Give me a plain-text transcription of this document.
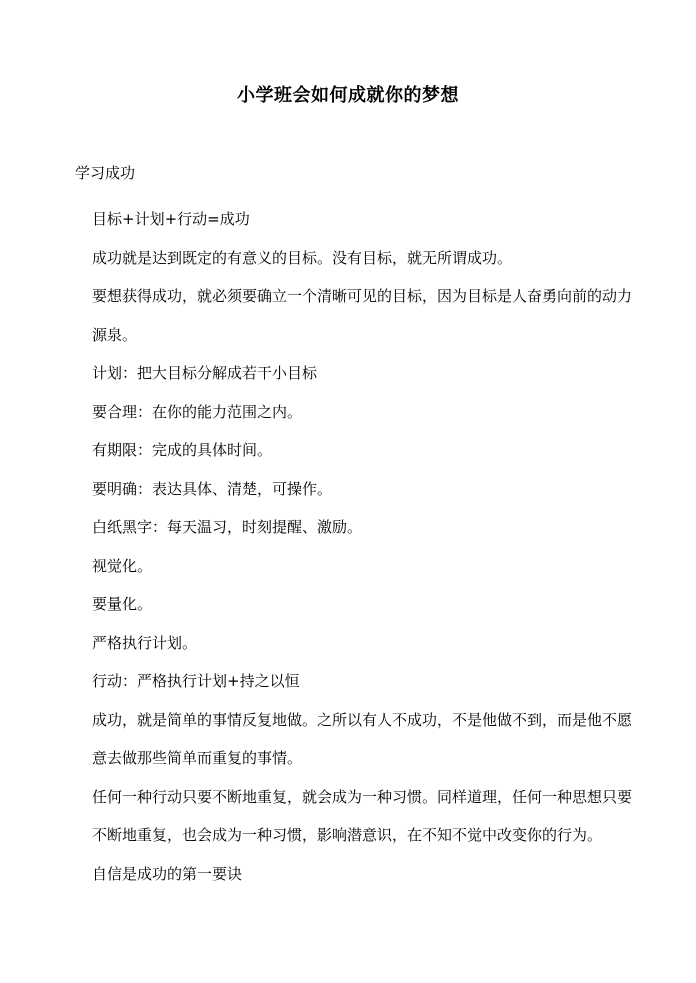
小学班会如何成就你的梦想
学习成功

目标+计划+行动=成功

成功就是达到既定的有意义的目标。没有目标，就无所谓成功。

要想获得成功，就必须要确立一个清晰可见的目标，因为目标是人奋勇向前的动力源泉。

计划：把大目标分解成若干小目标

要合理：在你的能力范围之内。

有期限：完成的具体时间。

要明确：表达具体、清楚，可操作。

白纸黑字：每天温习，时刻提醒、激励。

视觉化。

要量化。

严格执行计划。

行动：严格执行计划+持之以恒

成功，就是简单的事情反复地做。之所以有人不成功，不是他做不到，而是他不愿意去做那些简单而重复的事情。

任何一种行动只要不断地重复，就会成为一种习惯。同样道理，任何一种思想只要不断地重复，也会成为一种习惯，影响潜意识，在不知不觉中改变你的行为。

自信是成功的第一要诀
